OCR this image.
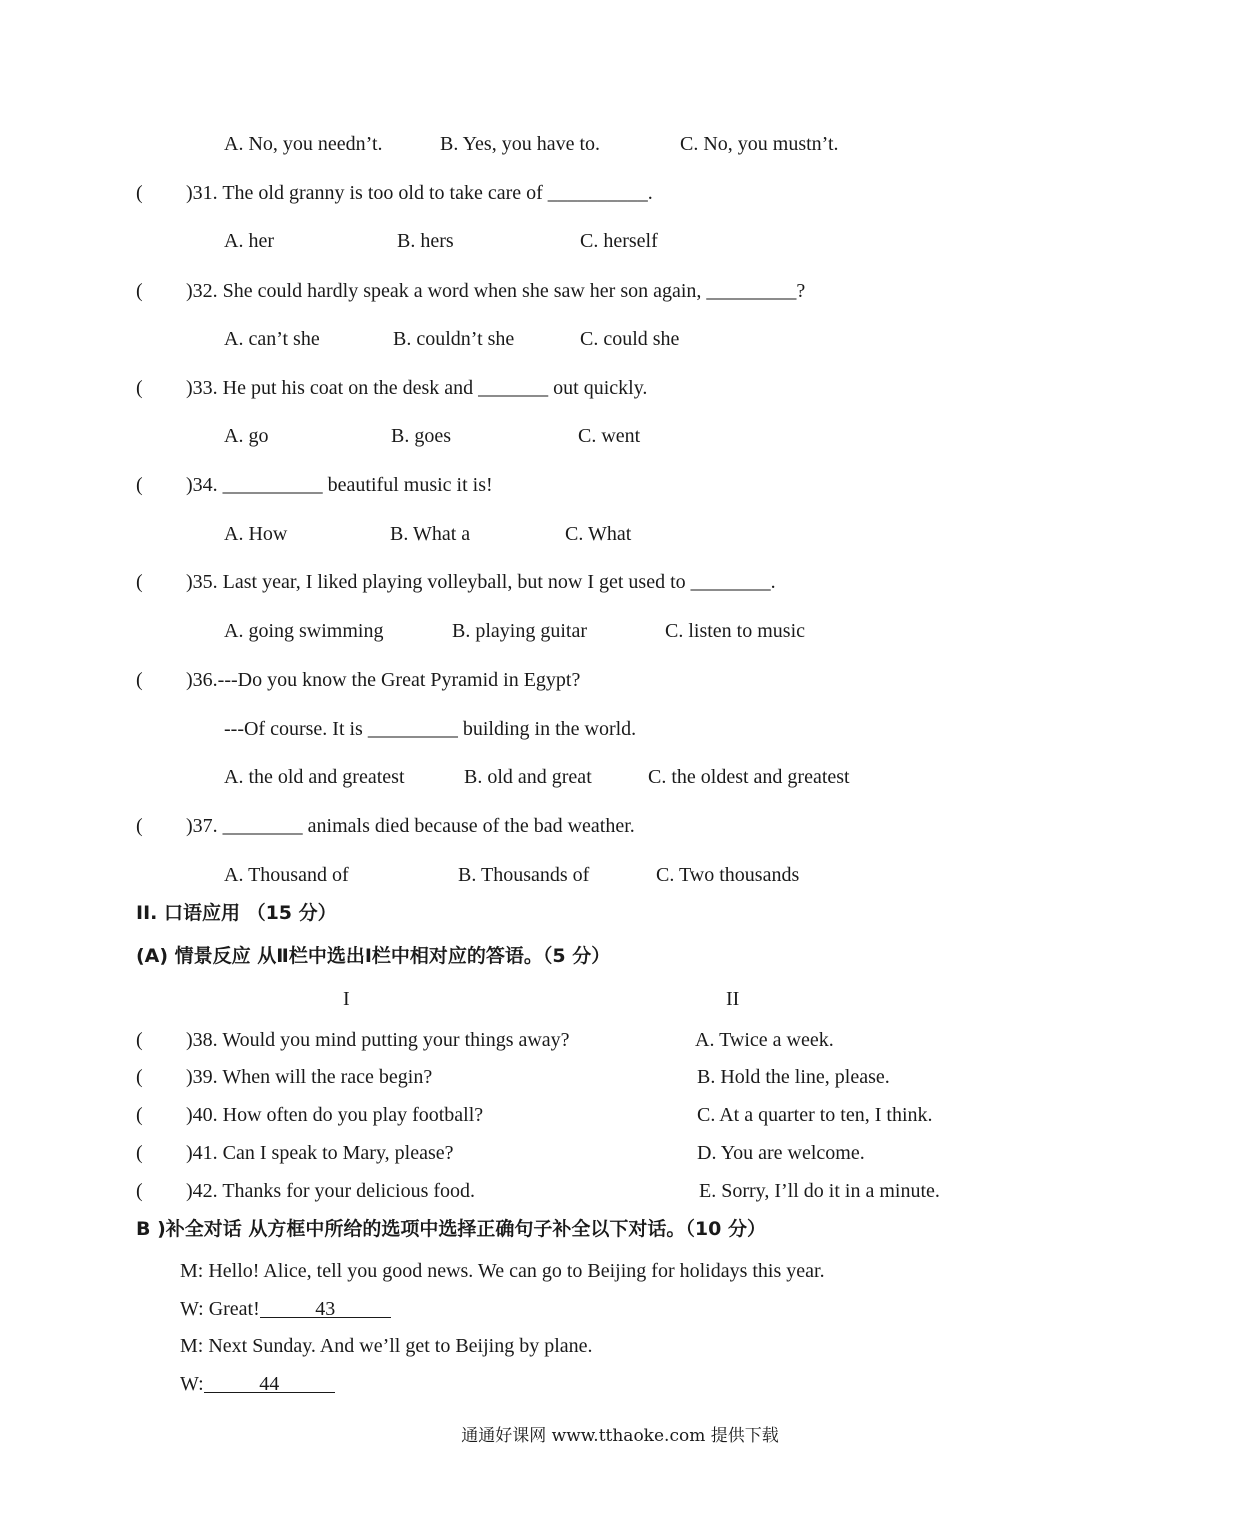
A. No, you needn’t.	B. Yes, you have to.	C. No, you mustn’t.
( )31. The old granny is too old to take care of __________.
A. her	B. hers	C. herself
( )32. She could hardly speak a word when she saw her son again, _________?
A. can’t she	B. couldn’t she	C. could she
( )33. He put his coat on the desk and _______ out quickly.
A. go	B. goes	C. went
( )34. __________ beautiful music it is!
A. How	B. What a	C. What
( )35. Last year, I liked playing volleyball, but now I get used to ________.
A. going swimming	B. playing guitar	C. listen to music
( )36.---Do you know the Great Pyramid in Egypt?
---Of course. It is _________ building in the world.
A. the old and greatest	B. old and great	C. the oldest and greatest
( )37. ________ animals died because of the bad weather.
A. Thousand of	B. Thousands of	C. Two thousands
II. 口语应用 （15 分）
(A) 情景反应 从Ⅱ栏中选出Ⅰ栏中相对应的答语。（5 分）
I	II
( )38. Would you mind putting your things away?	A. Twice a week.
( )39. When will the race begin?	B. Hold the line, please.
( )40. How often do you play football?	C. At a quarter to ten, I think.
( )41. Can I speak to Mary, please?	D. You are welcome.
( )42. Thanks for your delicious food.	E. Sorry, I’ll do it in a minute.
B )补全对话 从方框中所给的选项中选择正确句子补全以下对话。（10 分）
M: Hello! Alice, tell you good news. We can go to Beijing for holidays this year.
W: Great!	43
M: Next Sunday. And we’ll get to Beijing by plane.
W:	44
通通好课网 www.tthaoke.com 提供下载
